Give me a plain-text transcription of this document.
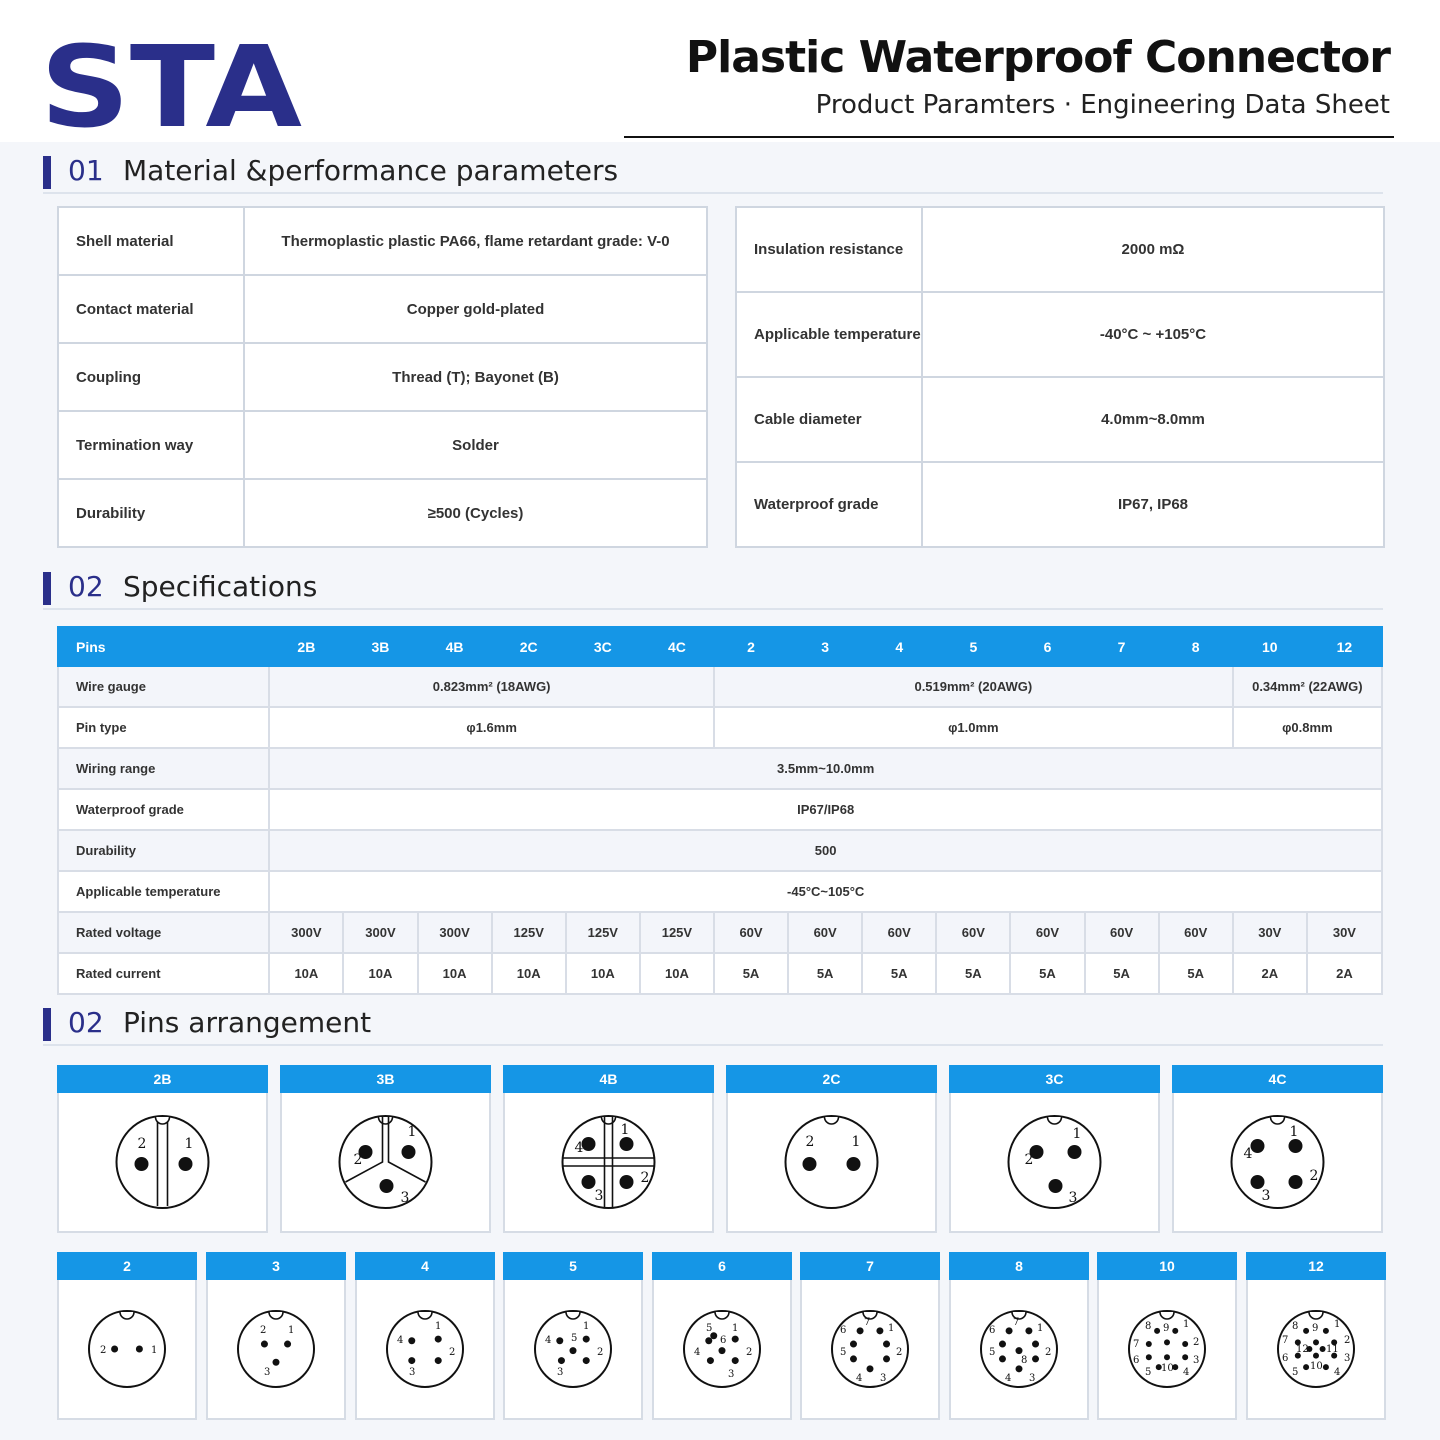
STA	Plastic Waterproof Connector
Product Paramters · Engineering Data Sheet
01 Material &performance parameters
Shell material	Thermoplastic plastic PA66, flame retardant grade: V-0
Contact material	Copper gold-plated
Coupling	Thread (T); Bayonet (B)
Termination way	Solder
Durability	≥500 (Cycles)
Insulation resistance	2000 mΩ
Applicable temperature	-40°C ~ +105°C
Cable diameter	4.0mm~8.0mm
Waterproof grade	IP67, IP68
02 Specifications
Pins	2B	3B	4B	2C	3C	4C	2	3	4	5	6	7	8	10	12
Wire gauge	0.823mm² (18AWG)						0.519mm² (20AWG)							0.34mm² (22AWG)	
Pin type	φ1.6mm						φ1.0mm							φ0.8mm	
Wiring range	3.5mm~10.0mm														
Waterproof grade	IP67/IP68														
Durability	500														
Applicable temperature	-45°C~105°C														
Rated voltage	300V	300V	300V	125V	125V	125V	60V	60V	60V	60V	60V	60V	60V	30V	30V
Rated current	10A	10A	10A	10A	10A	10A	5A	5A	5A	5A	5A	5A	5A	2A	2A
02 Pins arrangement
2B
2	1
3B
2
1
3
4B
4
1
3
2
2C
2	1
3C
2
1
3
4C
4
1
3
2
2
2	1
3
2 1
3
4
4
1
3
2
5
4
1
3
2
5
6
4
1
3
2
6
5
7
6
7
1
5	2
4 3
8
6
7
1
5	2
4 3
8
10
8 9 1
7	2
6	3
5	4
10
12
8 9 1
7	2
6	3
5	4
12 11
10
